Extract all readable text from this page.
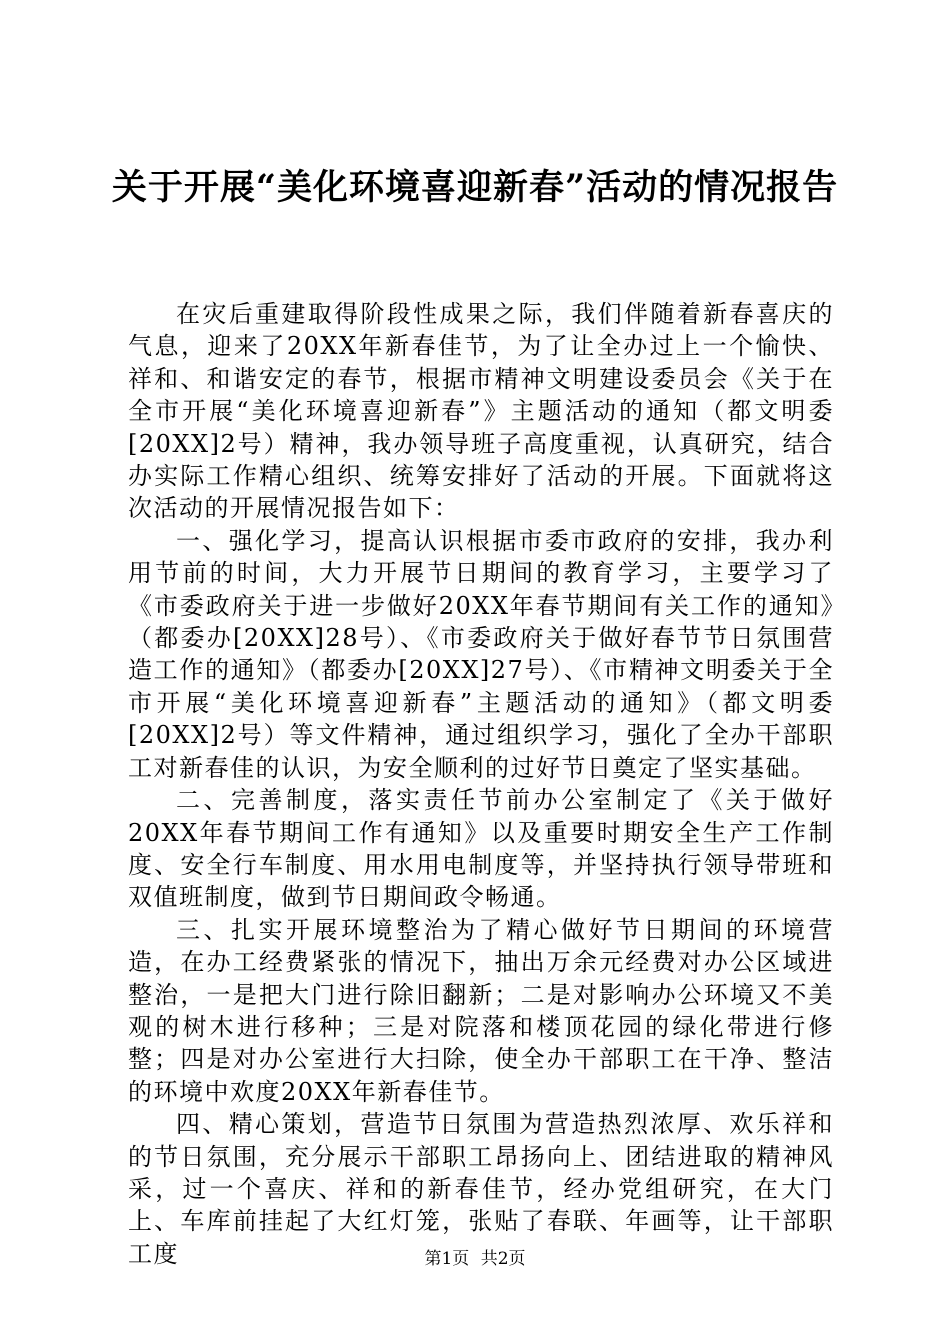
关于开展“美化环境喜迎新春”活动的情况报告

在灾后重建取得阶段性成果之际，我们伴随着新春喜庆的气息，迎来了20XX年新春佳节，为了让全办过上一个愉快、祥和、和谐安定的春节，根据市精神文明建设委员会《关于在全市开展“美化环境喜迎新春”》主题活动的通知（都文明委[20XX]2号）精神，我办领导班子高度重视，认真研究，结合办实际工作精心组织、统筹安排好了活动的开展。下面就将这次活动的开展情况报告如下：

一、强化学习，提高认识根据市委市政府的安排，我办利用节前的时间，大力开展节日期间的教育学习，主要学习了《市委政府关于进一步做好20XX年春节期间有关工作的通知》（都委办[20XX]28号）、《市委政府关于做好春节节日氛围营造工作的通知》（都委办[20XX]27号）、《市精神文明委关于全市开展“美化环境喜迎新春”主题活动的通知》（都文明委[20XX]2号）等文件精神，通过组织学习，强化了全办干部职工对新春佳的认识，为安全顺利的过好节日奠定了坚实基础。

二、完善制度，落实责任节前办公室制定了《关于做好20XX年春节期间工作有通知》以及重要时期安全生产工作制度、安全行车制度、用水用电制度等，并坚持执行领导带班和双值班制度，做到节日期间政令畅通。

三、扎实开展环境整治为了精心做好节日期间的环境营造，在办工经费紧张的情况下，抽出万余元经费对办公区域进整治，一是把大门进行除旧翻新；二是对影响办公环境又不美观的树木进行移种；三是对院落和楼顶花园的绿化带进行修整；四是对办公室进行大扫除，使全办干部职工在干净、整洁的环境中欢度20XX年新春佳节。

四、精心策划，营造节日氛围为营造热烈浓厚、欢乐祥和的节日氛围，充分展示干部职工昂扬向上、团结进取的精神风采，过一个喜庆、祥和的新春佳节，经办党组研究，在大门上、车库前挂起了大红灯笼，张贴了春联、年画等，让干部职工度	第1页 共2页
